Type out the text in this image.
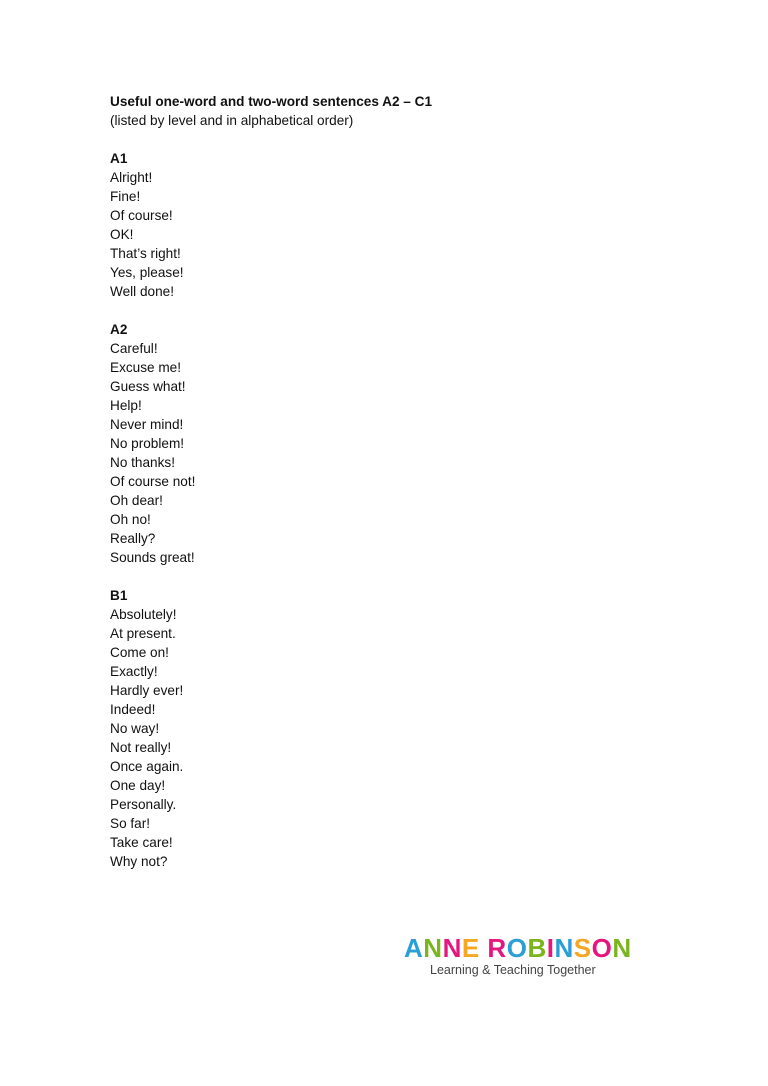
Useful one-word and two-word sentences A2 – C1
(listed by level and in alphabetical order)
A1
Alright!
Fine!
Of course!
OK!
That’s right!
Yes, please!
Well done!
A2
Careful!
Excuse me!
Guess what!
Help!
Never mind!
No problem!
No thanks!
Of course not!
Oh dear!
Oh no!
Really?
Sounds great!
B1
Absolutely!
At present.
Come on!
Exactly!
Hardly ever!
Indeed!
No way!
Not really!
Once again.
One day!
Personally.
So far!
Take care!
Why not?
ANNE ROBINSON
Learning & Teaching Together
